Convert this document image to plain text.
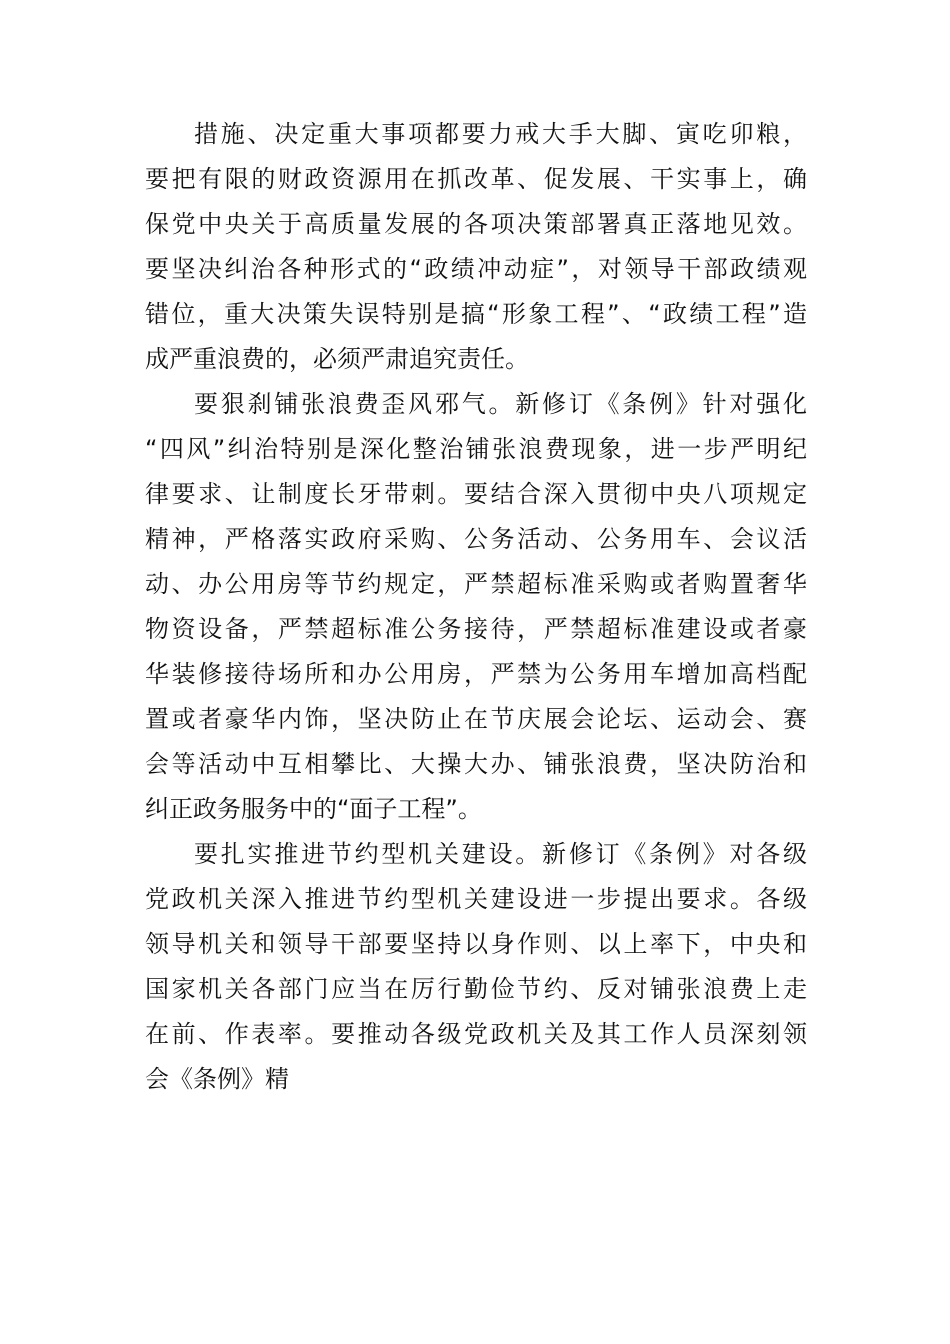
措施、决定重大事项都要力戒大手大脚、寅吃卯粮，
要把有限的财政资源用在抓改革、促发展、干实事上，确
保党中央关于高质量发展的各项决策部署真正落地见效。
要坚决纠治各种形式的“政绩冲动症”，对领导干部政绩观
错位，重大决策失误特别是搞“形象工程”、“政绩工程”造
成严重浪费的，必须严肃追究责任。
要狠刹铺张浪费歪风邪气。新修订《条例》针对强化
“四风”纠治特别是深化整治铺张浪费现象，进一步严明纪
律要求、让制度长牙带刺。要结合深入贯彻中央八项规定
精神，严格落实政府采购、公务活动、公务用车、会议活
动、办公用房等节约规定，严禁超标准采购或者购置奢华
物资设备，严禁超标准公务接待，严禁超标准建设或者豪
华装修接待场所和办公用房，严禁为公务用车增加高档配
置或者豪华内饰，坚决防止在节庆展会论坛、运动会、赛
会等活动中互相攀比、大操大办、铺张浪费，坚决防治和
纠正政务服务中的“面子工程”。
要扎实推进节约型机关建设。新修订《条例》对各级
党政机关深入推进节约型机关建设进一步提出要求。各级
领导机关和领导干部要坚持以身作则、以上率下，中央和
国家机关各部门应当在厉行勤俭节约、反对铺张浪费上走
在前、作表率。要推动各级党政机关及其工作人员深刻领
会《条例》精
